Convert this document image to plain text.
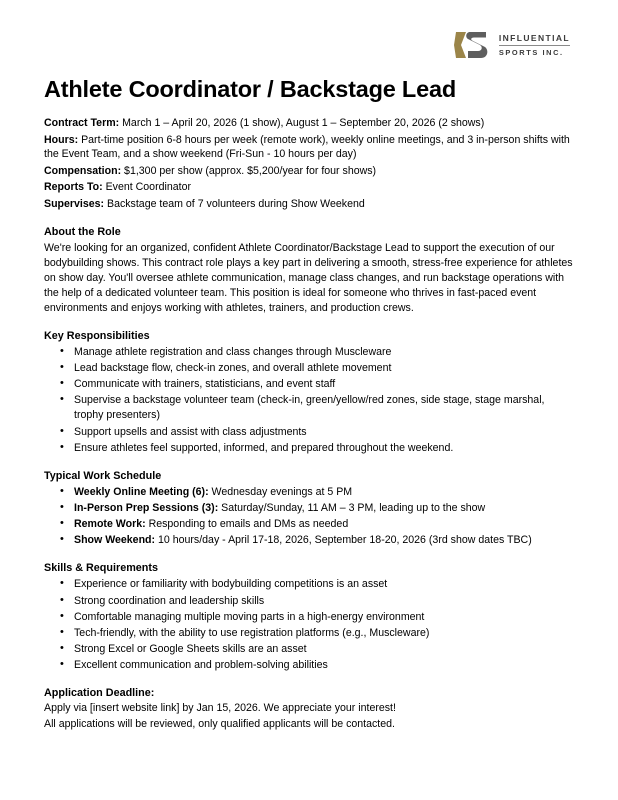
INFLUENTIAL
SPORTS INC.
Athlete Coordinator / Backstage Lead
Contract Term: March 1 – April 20, 2026 (1 show), August 1 – September 20, 2026 (2 shows)
Hours: Part-time position 6-8 hours per week (remote work), weekly online meetings, and 3 in-person shifts with the Event Team, and a show weekend (Fri-Sun - 10 hours per day)
Compensation: $1,300 per show (approx. $5,200/year for four shows)
Reports To: Event Coordinator
Supervises: Backstage team of 7 volunteers during Show Weekend
About the Role
We're looking for an organized, confident Athlete Coordinator/Backstage Lead to support the execution of our bodybuilding shows. This contract role plays a key part in delivering a smooth, stress-free experience for athletes on show day. You'll oversee athlete communication, manage class changes, and run backstage operations with the help of a dedicated volunteer team. This position is ideal for someone who thrives in fast-paced event environments and enjoys working with athletes, trainers, and production crews.
Key Responsibilities
• Manage athlete registration and class changes through Muscleware
• Lead backstage flow, check-in zones, and overall athlete movement
• Communicate with trainers, statisticians, and event staff
• Supervise a backstage volunteer team (check-in, green/yellow/red zones, side stage, stage marshal, trophy presenters)
• Support upsells and assist with class adjustments
• Ensure athletes feel supported, informed, and prepared throughout the weekend.
Typical Work Schedule
• Weekly Online Meeting (6): Wednesday evenings at 5 PM
• In-Person Prep Sessions (3): Saturday/Sunday, 11 AM – 3 PM, leading up to the show
• Remote Work: Responding to emails and DMs as needed
• Show Weekend: 10 hours/day - April 17-18, 2026, September 18-20, 2026 (3rd show dates TBC)
Skills & Requirements
• Experience or familiarity with bodybuilding competitions is an asset
• Strong coordination and leadership skills
• Comfortable managing multiple moving parts in a high-energy environment
• Tech-friendly, with the ability to use registration platforms (e.g., Muscleware)
• Strong Excel or Google Sheets skills are an asset
• Excellent communication and problem-solving abilities
Application Deadline:
Apply via [insert website link] by Jan 15, 2026. We appreciate your interest!
All applications will be reviewed, only qualified applicants will be contacted.
